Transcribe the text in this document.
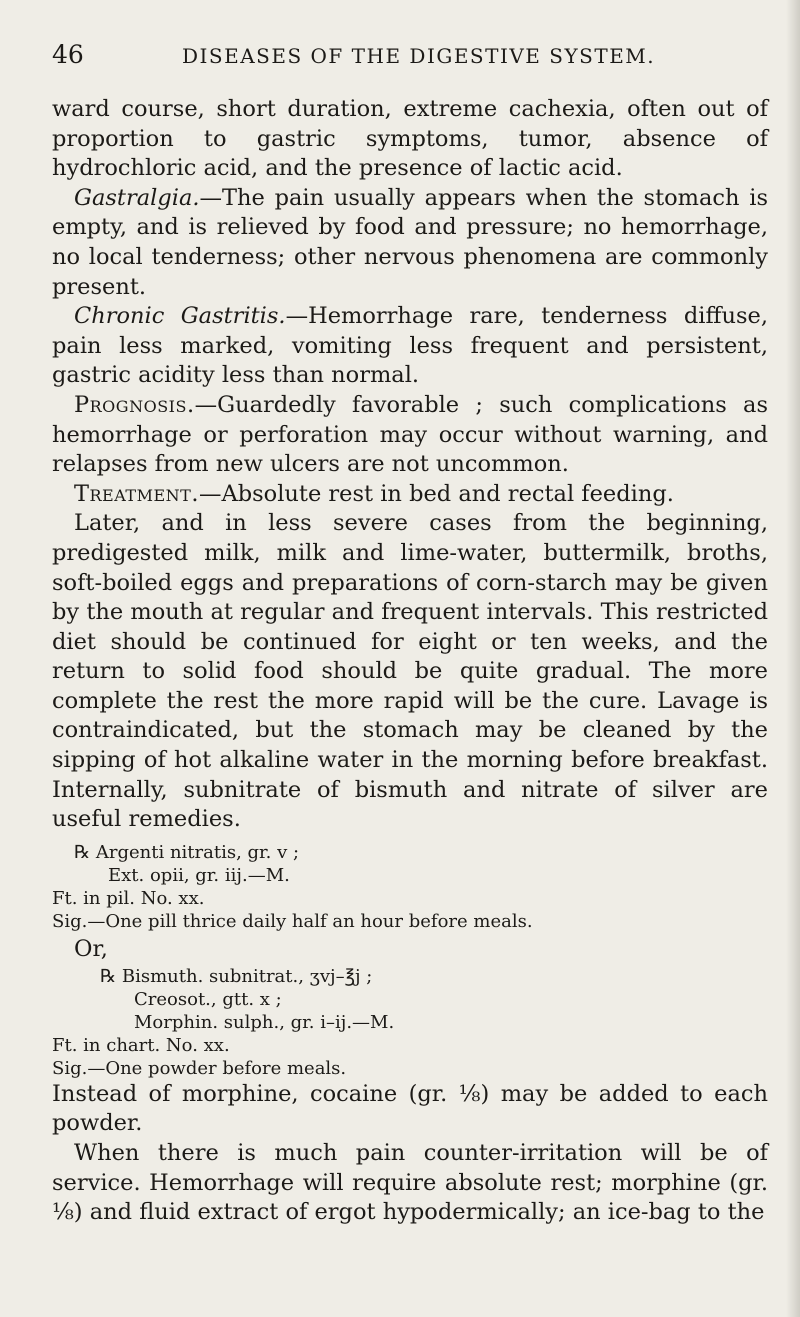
46	DISEASES OF THE DIGESTIVE SYSTEM.

ward course, short duration, extreme cachexia, often out of proportion to gastric symptoms, tumor, absence of hydrochloric acid, and the presence of lactic acid.

Gastralgia.—The pain usually appears when the stomach is empty, and is relieved by food and pressure; no hemorrhage, no local tenderness; other nervous phenomena are commonly present.

Chronic Gastritis.—Hemorrhage rare, tenderness diffuse, pain less marked, vomiting less frequent and persistent, gastric acidity less than normal.

Prognosis.—Guardedly favorable ; such complications as hemorrhage or perforation may occur without warning, and relapses from new ulcers are not uncommon.

Treatment.—Absolute rest in bed and rectal feeding.

Later, and in less severe cases from the beginning, predigested milk, milk and lime-water, buttermilk, broths, soft-boiled eggs and preparations of corn-starch may be given by the mouth at regular and frequent intervals. This restricted diet should be continued for eight or ten weeks, and the return to solid food should be quite gradual. The more complete the rest the more rapid will be the cure. Lavage is contraindicated, but the stomach may be cleaned by the sipping of hot alkaline water in the morning before breakfast. Internally, subnitrate of bismuth and nitrate of silver are useful remedies.

℞ Argenti nitratis, gr. v ;
Ext. opii, gr. iij.—M.
Ft. in pil. No. xx.
Sig.—One pill thrice daily half an hour before meals.
Or,
℞ Bismuth. subnitrat., ʒvj–℥j ;
Creosot., gtt. x ;
Morphin. sulph., gr. i–ij.—M.
Ft. in chart. No. xx.
Sig.—One powder before meals.

Instead of morphine, cocaine (gr. ⅛) may be added to each powder.

When there is much pain counter-irritation will be of service. Hemorrhage will require absolute rest; morphine (gr. ⅛) and fluid extract of ergot hypodermically; an ice-bag to the
